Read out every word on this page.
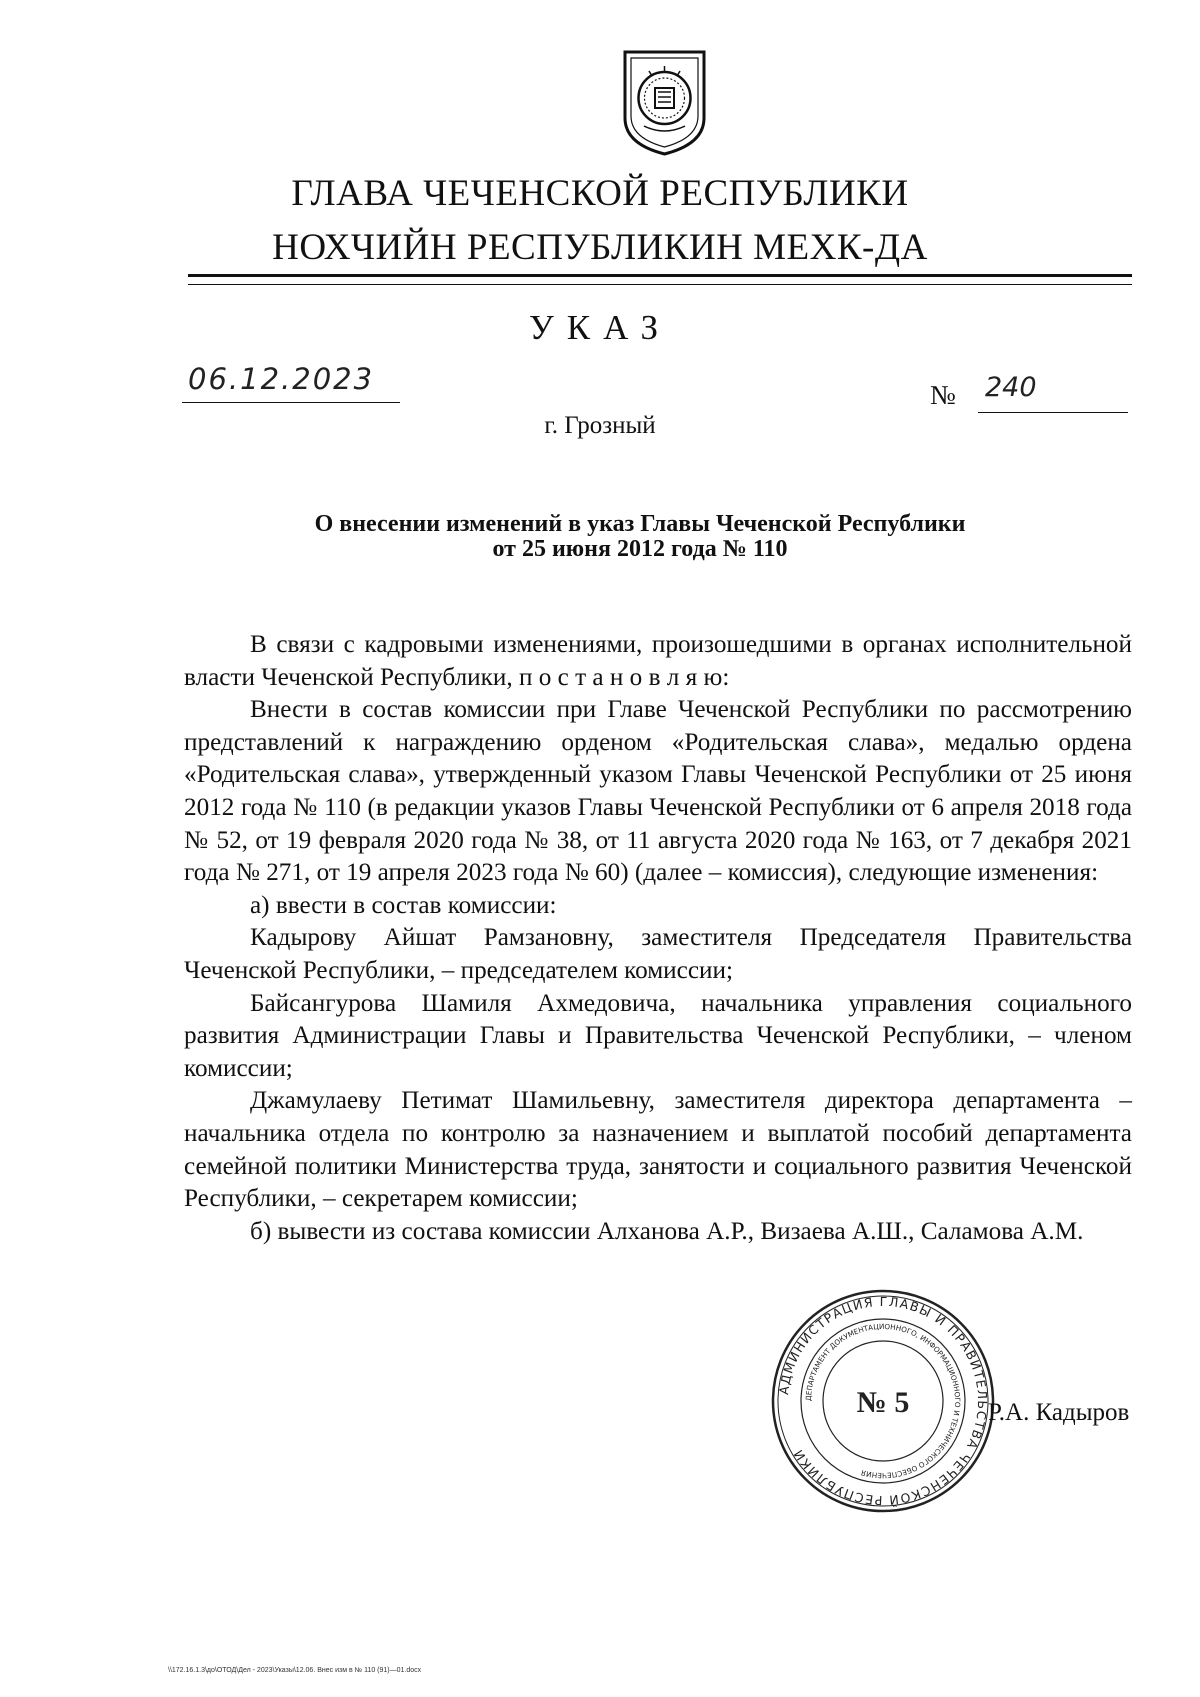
ГЛАВА ЧЕЧЕНСКОЙ РЕСПУБЛИКИ
НОХЧИЙН РЕСПУБЛИКИН МЕХК-ДА
УКАЗ
06.12.2023	№ 240
г. Грозный
О внесении изменений в указ Главы Чеченской Республики
от 25 июня 2012 года № 110

В связи с кадровыми изменениями, произошедшими в органах исполнительной власти Чеченской Республики, п о с т а н о в л я ю:

Внести в состав комиссии при Главе Чеченской Республики по рассмотрению представлений к награждению орденом «Родительская слава», медалью ордена «Родительская слава», утвержденный указом Главы Чеченской Республики от 25 июня 2012 года № 110 (в редакции указов Главы Чеченской Республики от 6 апреля 2018 года № 52, от 19 февраля 2020 года № 38, от 11 августа 2020 года № 163, от 7 декабря 2021 года № 271, от 19 апреля 2023 года № 60) (далее – комиссия), следующие изменения:

а) ввести в состав комиссии:

Кадырову Айшат Рамзановну, заместителя Председателя Правительства Чеченской Республики, – председателем комиссии;

Байсангурова Шамиля Ахмедовича, начальника управления социального развития Администрации Главы и Правительства Чеченской Республики, – членом комиссии;

Джамулаеву Петимат Шамильевну, заместителя директора департамента – начальника отдела по контролю за назначением и выплатой пособий департамента семейной политики Министерства труда, занятости и социального развития Чеченской Республики, – секретарем комиссии;

б) вывести из состава комиссии Алханова А.Р., Визаева А.Ш., Саламова А.М.

АДМИНИСТРАЦИЯ ГЛАВЫ И ПРАВИТЕЛЬСТВА ЧЕЧЕНСКОЙ РЕСПУБЛИКИ
ДЕПАРТАМЕНТ ДОКУМЕНТАЦИОННОГО, ИНФОРМАЦИОННОГО И ТЕХНИЧЕСКОГО ОБЕСПЕЧЕНИЯ
№ 5	Р.А. Кадыров
\\172.16.1.3\до\ОТОД\Дел - 2023\Указы\12.06. Внес изм в № 110 (91)—01.docx
